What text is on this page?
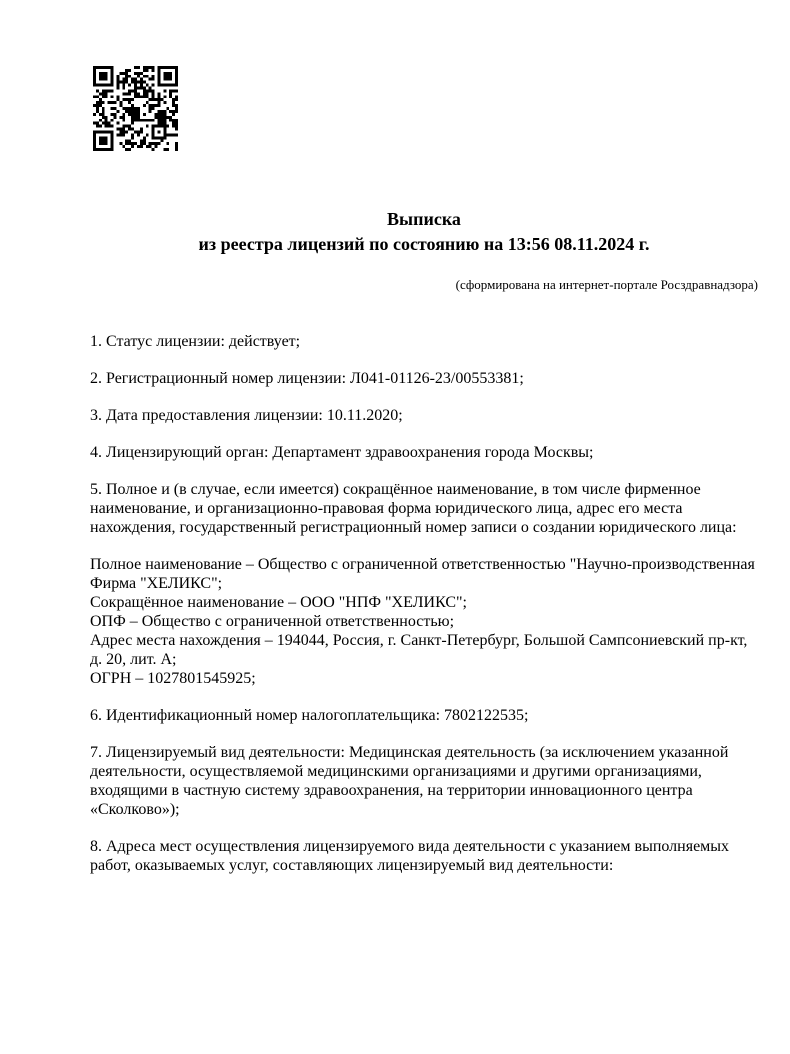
Выписка
из реестра лицензий по состоянию на 13:56 08.11.2024 г.
(сформирована на интернет-портале Росздравнадзора)

1. Статус лицензии: действует;

2. Регистрационный номер лицензии: Л041-01126-23/00553381;

3. Дата предоставления лицензии: 10.11.2020;

4. Лицензирующий орган: Департамент здравоохранения города Москвы;

5. Полное и (в случае, если имеется) сокращённое наименование, в том числе фирменное наименование, и организационно-правовая форма юридического лица, адрес его места нахождения, государственный регистрационный номер записи о создании юридического лица:

Полное наименование – Общество с ограниченной ответственностью "Научно-производственная Фирма "ХЕЛИКС";
Сокращённое наименование – ООО "НПФ "ХЕЛИКС";
ОПФ – Общество с ограниченной ответственностью;
Адрес места нахождения – 194044, Россия, г. Санкт-Петербург, Большой Сампсониевский пр-кт, д. 20, лит. А;
ОГРН – 1027801545925;

6. Идентификационный номер налогоплательщика: 7802122535;

7. Лицензируемый вид деятельности: Медицинская деятельность (за исключением указанной деятельности, осуществляемой медицинскими организациями и другими организациями, входящими в частную систему здравоохранения, на территории инновационного центра «Сколково»);

8. Адреса мест осуществления лицензируемого вида деятельности с указанием выполняемых работ, оказываемых услуг, составляющих лицензируемый вид деятельности:
